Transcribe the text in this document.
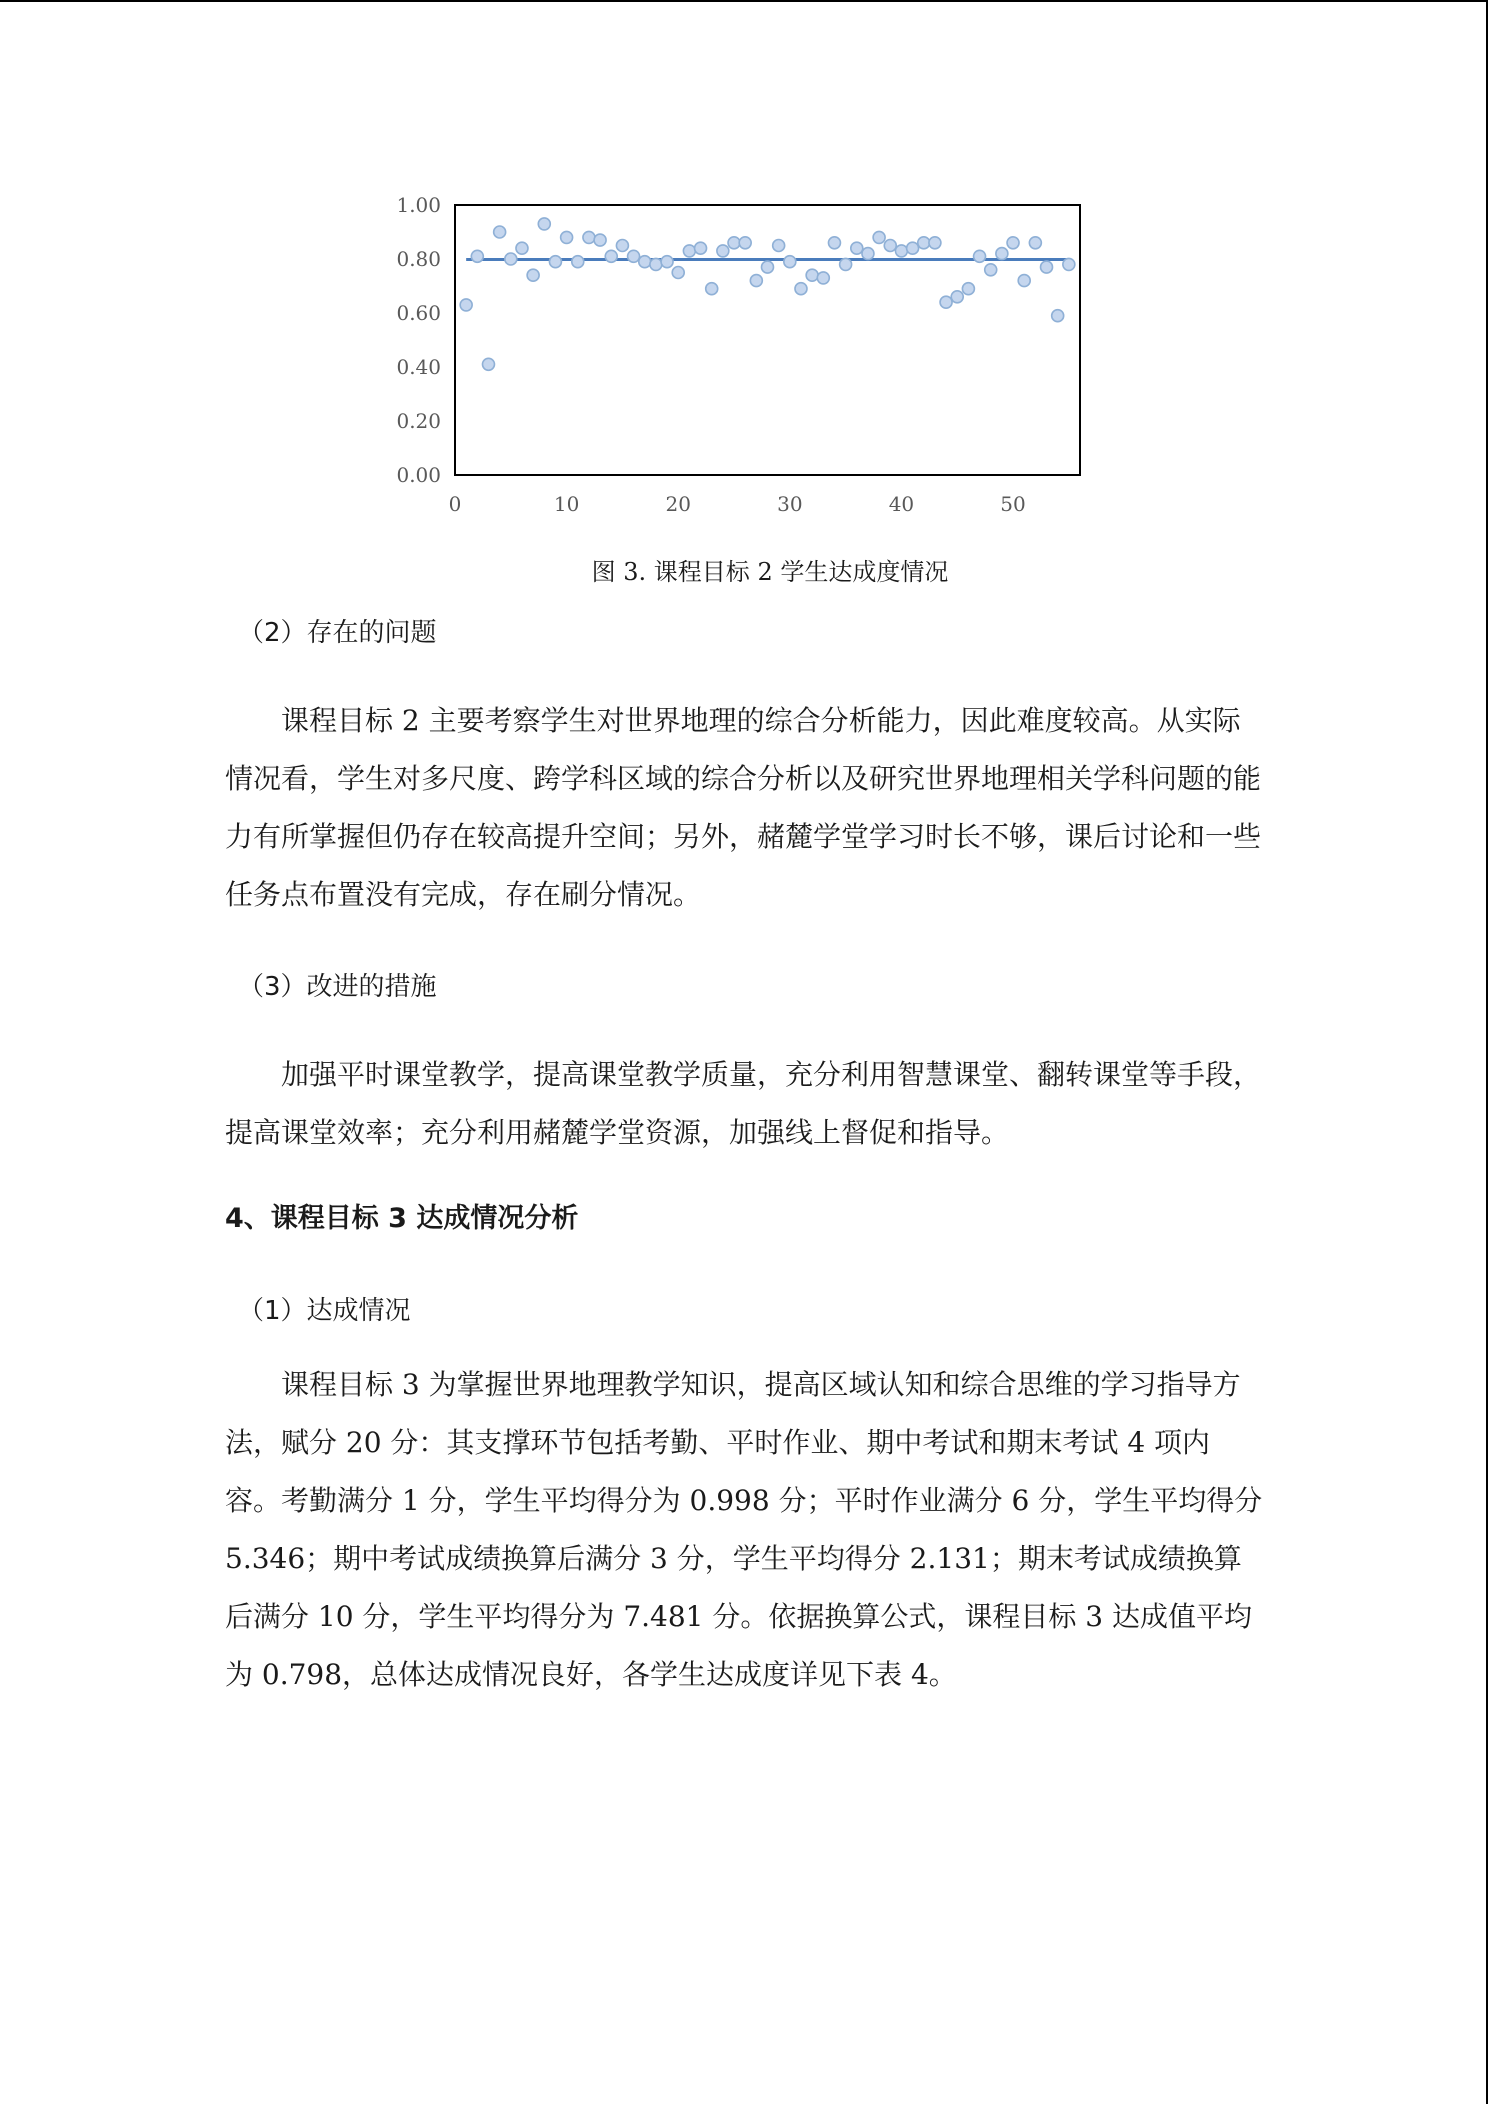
0.00
0.20
0.40
0.60
0.80
1.00
0	10	20	30	40	50
图 3. 课程目标 2 学生达成度情况
（2）存在的问题
课程目标 2 主要考察学生对世界地理的综合分析能力，因此难度较高。从实际情况看，学生对多尺度、跨学科区域的综合分析以及研究世界地理相关学科问题的能力有所掌握但仍存在较高提升空间；另外，赭麓学堂学习时长不够，课后讨论和一些任务点布置没有完成，存在刷分情况。
（3）改进的措施
加强平时课堂教学，提高课堂教学质量，充分利用智慧课堂、翻转课堂等手段，提高课堂效率；充分利用赭麓学堂资源，加强线上督促和指导。
4、课程目标 3 达成情况分析
（1）达成情况
课程目标 3 为掌握世界地理教学知识，提高区域认知和综合思维的学习指导方法，赋分 20 分：其支撑环节包括考勤、平时作业、期中考试和期末考试 4 项内容。考勤满分 1 分，学生平均得分为 0.998 分；平时作业满分 6 分，学生平均得分 5.346；期中考试成绩换算后满分 3 分，学生平均得分 2.131；期末考试成绩换算后满分 10 分，学生平均得分为 7.481 分。依据换算公式，课程目标 3 达成值平均为 0.798，总体达成情况良好，各学生达成度详见下表 4。
